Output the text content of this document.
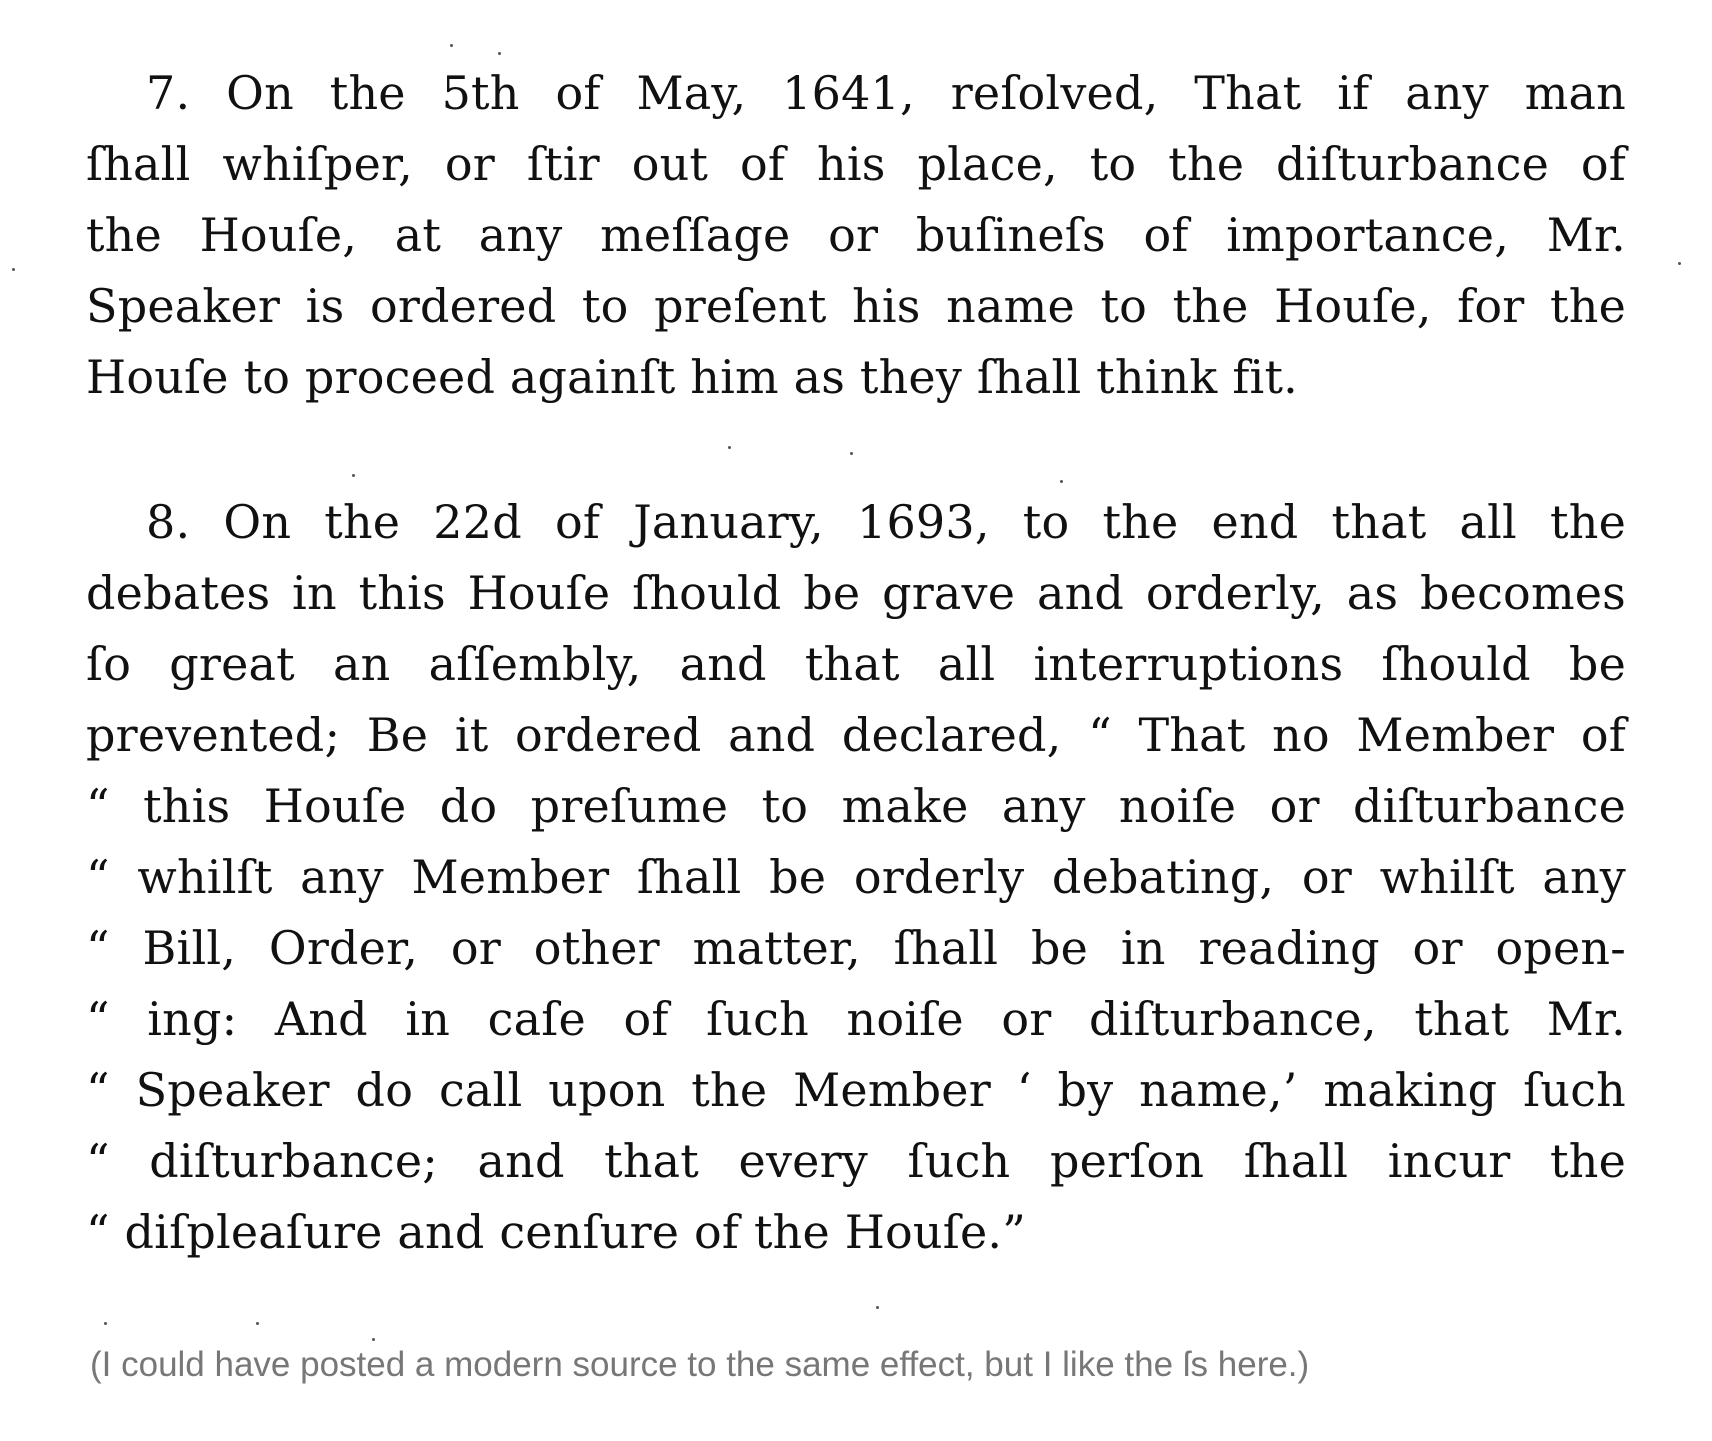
7. On the 5th of May, 1641, reſolved, That if any man
ſhall whiſper, or ſtir out of his place, to the diſturbance of
the Houſe, at any meſſage or buſineſs of importance, Mr.
Speaker is ordered to preſent his name to the Houſe, for the
Houſe to proceed againſt him as they ſhall think fit.
8. On the 22d of January, 1693, to the end that all the
debates in this Houſe ſhould be grave and orderly, as becomes
ſo great an aſſembly, and that all interruptions ſhould be
prevented; Be it ordered and declared, “ That no Member of
“ this Houſe do preſume to make any noiſe or diſturbance
“ whilſt any Member ſhall be orderly debating, or whilſt any
“ Bill, Order, or other matter, ſhall be in reading or open-
“ ing: And in caſe of ſuch noiſe or diſturbance, that Mr.
“ Speaker do call upon the Member ‘ by name,’ making ſuch
“ diſturbance; and that every ſuch perſon ſhall incur the
“ diſpleaſure and cenſure of the Houſe.”
(I could have posted a modern source to the same effect, but I like the ſs here.)
